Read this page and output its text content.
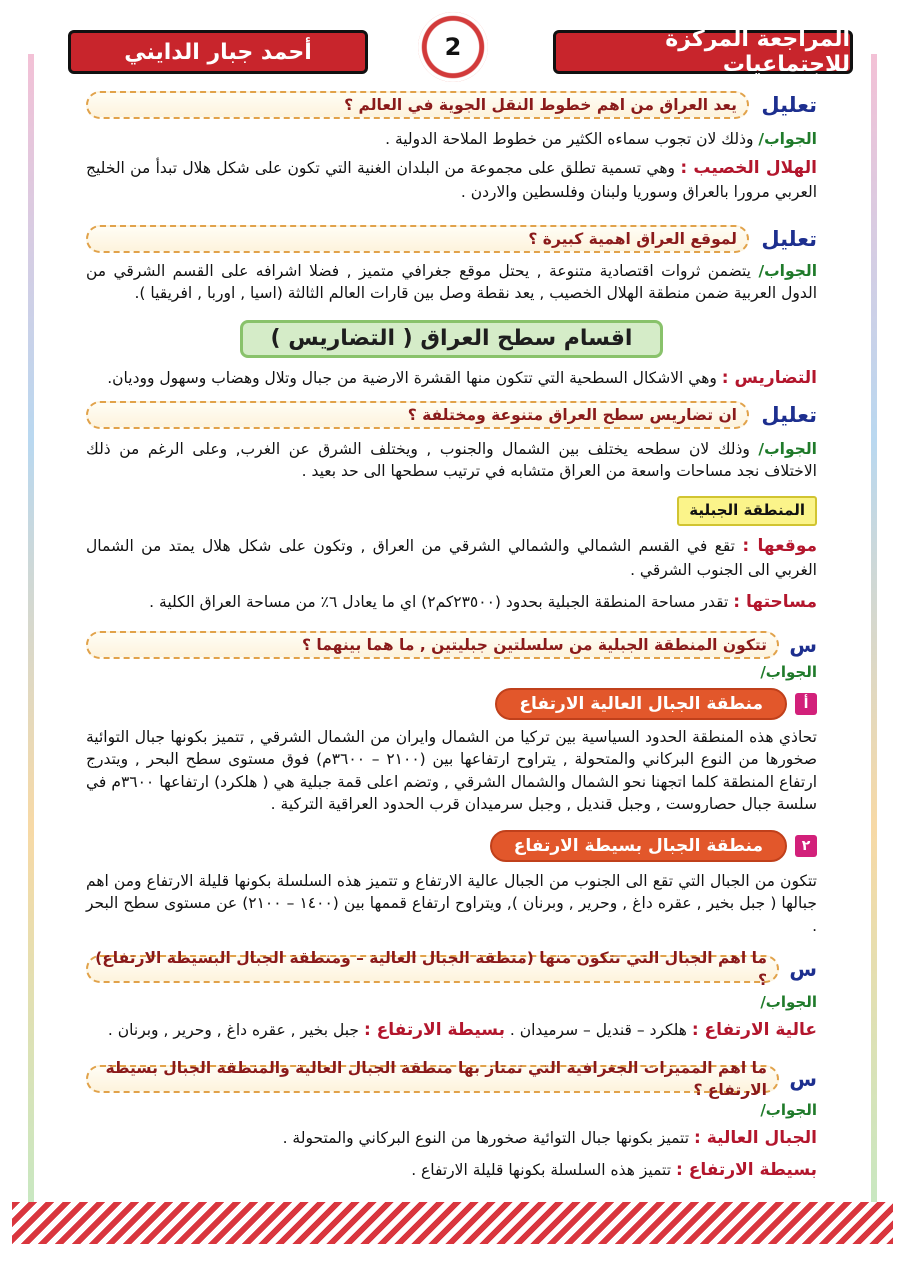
المراجعة المركزة للاجتماعيات
أحمد جبار الدايني	2
تعليل
يعد العراق من اهم خطوط النقل الجوية في العالم ؟
الجواب/ وذلك لان تجوب سماءه الكثير من خطوط الملاحة الدولية .
الهلال الخصيب : وهي تسمية تطلق على مجموعة من البلدان الغنية التي تكون على شكل هلال تبدأ من الخليج العربي مرورا بالعراق وسوريا ولبنان وفلسطين والاردن .
تعليل
لموقع العراق اهمية كبيرة ؟
الجواب/ يتضمن ثروات اقتصادية متنوعة , يحتل موقع جغرافي متميز , فضلا اشرافه على القسم الشرقي من الدول العربية ضمن منطقة الهلال الخصيب , يعد نقطة وصل بين قارات العالم الثالثة (اسيا , اوربا , افريقيا ).
اقسام سطح العراق ( التضاريس )
التضاريس : وهي الاشكال السطحية التي تتكون منها القشرة الارضية من جبال وتلال وهضاب وسهول ووديان.
تعليل
ان تضاريس سطح العراق متنوعة ومختلفة ؟
الجواب/ وذلك لان سطحه يختلف بين الشمال والجنوب , ويختلف الشرق عن الغرب, وعلى الرغم من ذلك الاختلاف نجد مساحات واسعة من العراق متشابه في ترتيب سطحها الى حد بعيد .
المنطقة الجبلية
موقعها : تقع في القسم الشمالي والشمالي الشرقي من العراق , وتكون على شكل هلال يمتد من الشمال الغربي الى الجنوب الشرقي .
مساحتها : تقدر مساحة المنطقة الجبلية بحدود (٢٣٥٠٠كم٢) اي ما يعادل ٦٪ من مساحة العراق الكلية .
س
تتكون المنطقة الجبلية من سلسلتين جبليتين , ما هما بينهما ؟
الجواب/
أ
منطقة الجبال العالية الارتفاع
تحاذي هذه المنطقة الحدود السياسية بين تركيا من الشمال وايران من الشمال الشرقي , تتميز بكونها جبال التوائية صخورها من النوع البركاني والمتحولة , يتراوح ارتفاعها بين (٢١٠٠ – ٣٦٠٠م) فوق مستوى سطح البحر , ويتدرج ارتفاع المنطقة كلما اتجهنا نحو الشمال والشمال الشرقي , وتضم اعلى قمة جبلية هي ( هلكرد) ارتفاعها ٣٦٠٠م في سلسة جبال حصاروست , وجبل قنديل , وجبل سرميدان قرب الحدود العراقية التركية .
٢
منطقة الجبال بسيطة الارتفاع
تتكون من الجبال التي تقع الى الجنوب من الجبال عالية الارتفاع و تتميز هذه السلسلة بكونها قليلة الارتفاع ومن اهم جبالها ( جبل بخير , عقره داغ , وحرير , وبرنان ), ويتراوح ارتفاع قممها بين (١٤٠٠ – ٢١٠٠) عن مستوى سطح البحر .
س
ما اهم الجبال التي تتكون منها (منطقة الجبال العالية – ومنطقة الجبال البسيطة الارتفاع) ؟
الجواب/
عالية الارتفاع : هلكرد – قنديل – سرميدان . بسيطة الارتفاع : جبل بخير , عقره داغ , وحرير , وبرنان .
س
ما اهم المميزات الجغرافية التي تمتاز بها منطقة الجبال العالية والمنطقة الجبال بسيطة الارتفاع ؟
الجواب/
الجبال العالية : تتميز بكونها جبال التوائية صخورها من النوع البركاني والمتحولة .
بسيطة الارتفاع : تتميز هذه السلسلة بكونها قليلة الارتفاع .
